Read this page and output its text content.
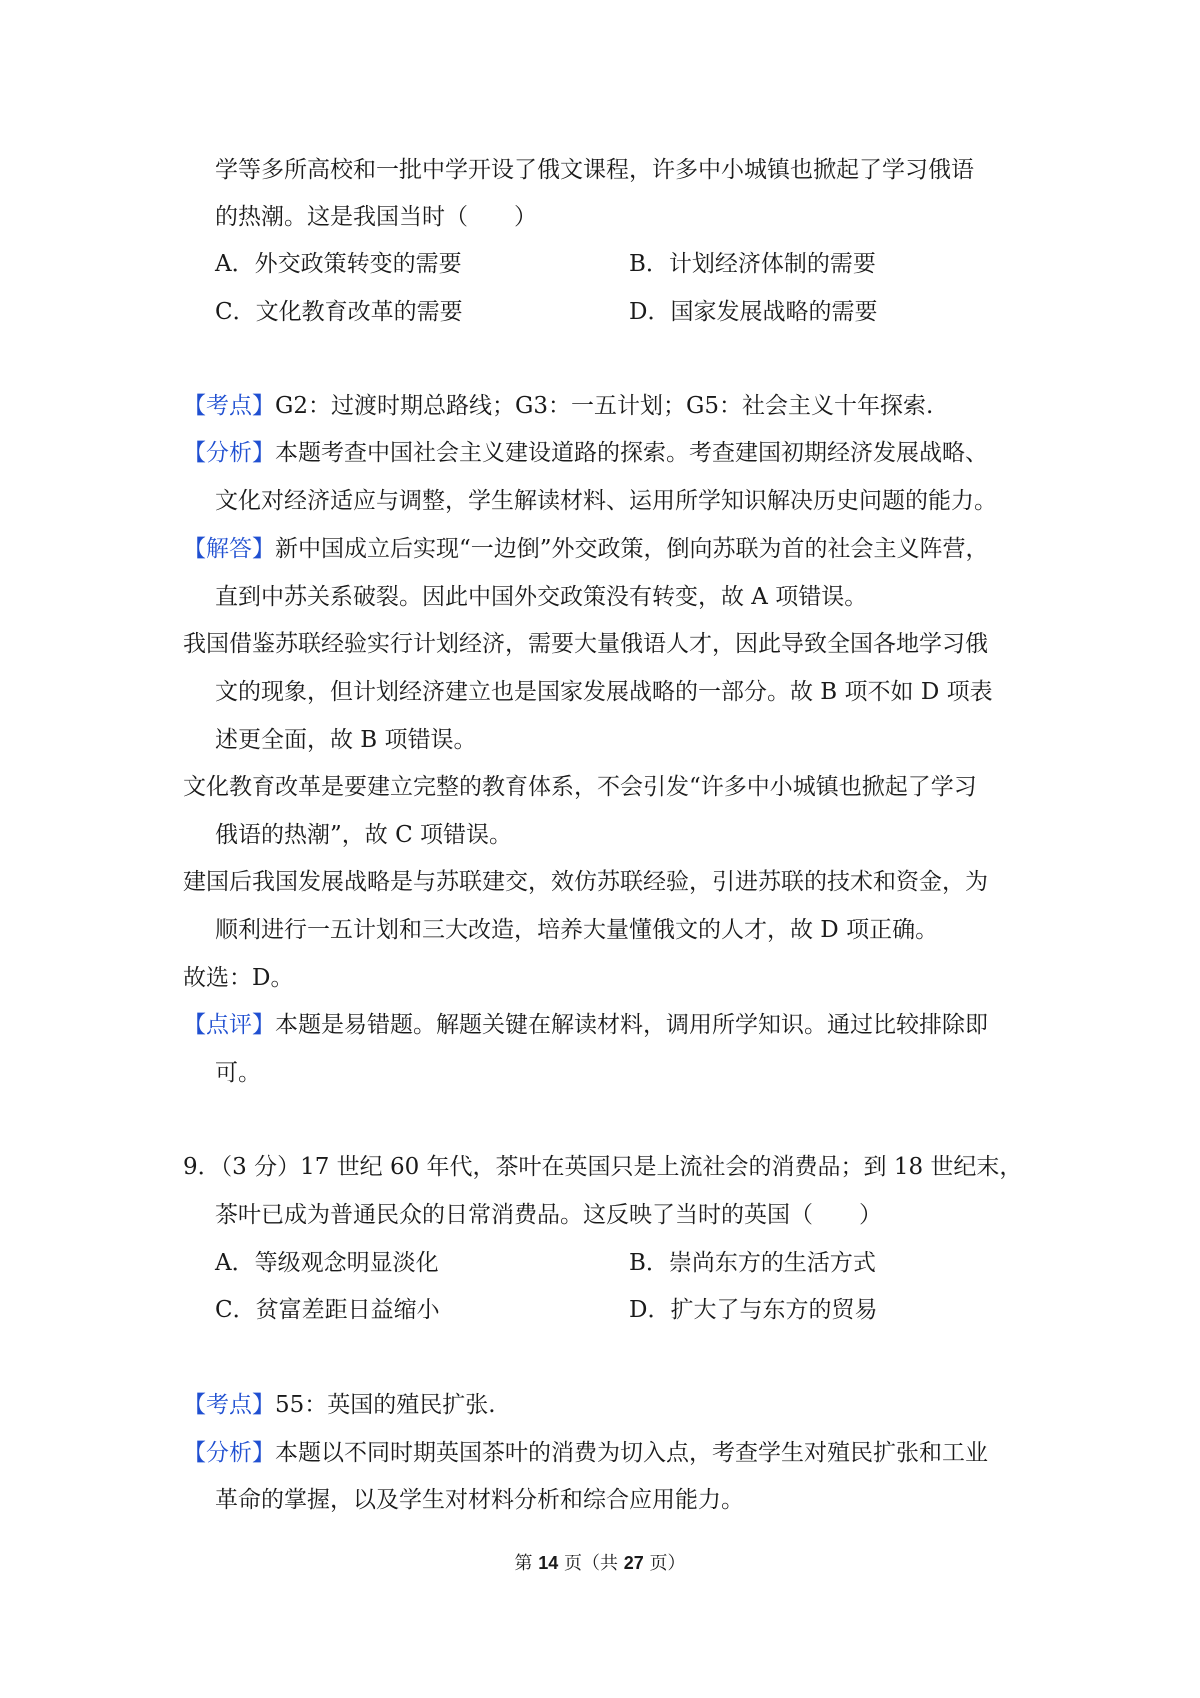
学等多所高校和一批中学开设了俄文课程，许多中小城镇也掀起了学习俄语
的热潮。这是我国当时（　　）
A．外交政策转变的需要	B．计划经济体制的需要
C．文化教育改革的需要	D．国家发展战略的需要
【考点】G2：过渡时期总路线；G3：一五计划；G5：社会主义十年探索.
【分析】本题考查中国社会主义建设道路的探索。考查建国初期经济发展战略、
文化对经济适应与调整，学生解读材料、运用所学知识解决历史问题的能力。
【解答】新中国成立后实现“一边倒”外交政策，倒向苏联为首的社会主义阵营，
直到中苏关系破裂。因此中国外交政策没有转变，故 A 项错误。
我国借鉴苏联经验实行计划经济，需要大量俄语人才，因此导致全国各地学习俄
文的现象，但计划经济建立也是国家发展战略的一部分。故 B 项不如 D 项表
述更全面，故 B 项错误。
文化教育改革是要建立完整的教育体系，不会引发“许多中小城镇也掀起了学习
俄语的热潮”，故 C 项错误。
建国后我国发展战略是与苏联建交，效仿苏联经验，引进苏联的技术和资金，为
顺利进行一五计划和三大改造，培养大量懂俄文的人才，故 D 项正确。
故选：D。
【点评】本题是易错题。解题关键在解读材料，调用所学知识。通过比较排除即
可。
9．（3 分）17 世纪 60 年代，茶叶在英国只是上流社会的消费品；到 18 世纪末，
茶叶已成为普通民众的日常消费品。这反映了当时的英国（　　）
A．等级观念明显淡化	B．崇尚东方的生活方式
C．贫富差距日益缩小	D．扩大了与东方的贸易
【考点】55：英国的殖民扩张.
【分析】本题以不同时期英国茶叶的消费为切入点，考查学生对殖民扩张和工业
革命的掌握，以及学生对材料分析和综合应用能力。
第 14 页（共 27 页）
